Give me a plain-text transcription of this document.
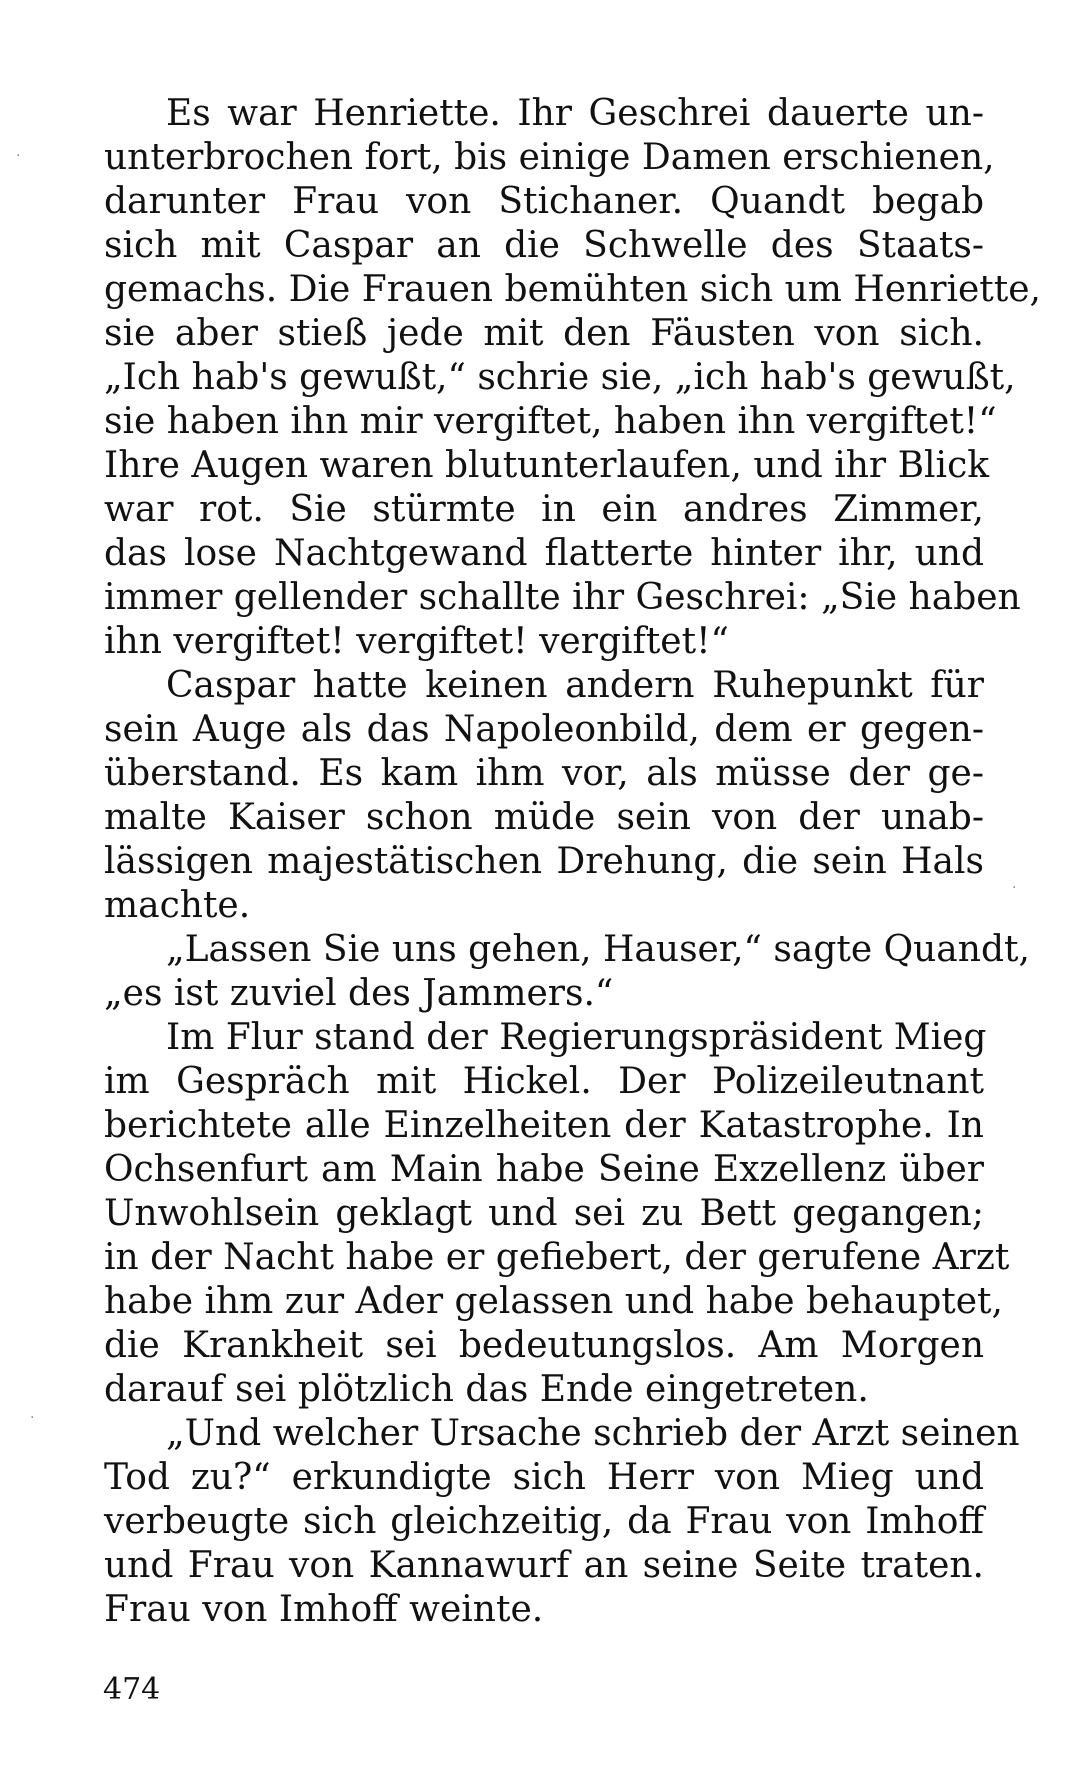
Es war Henriette. Ihr Geschrei dauerte un-
unterbrochen fort, bis einige Damen erschienen,
darunter Frau von Stichaner. Quandt begab
sich mit Caspar an die Schwelle des Staats-
gemachs. Die Frauen bemühten sich um Henriette,
sie aber stieß jede mit den Fäusten von sich.
„Ich hab's gewußt,“ schrie sie, „ich hab's gewußt,
sie haben ihn mir vergiftet, haben ihn vergiftet!“
Ihre Augen waren blutunterlaufen, und ihr Blick
war rot. Sie stürmte in ein andres Zimmer,
das lose Nachtgewand flatterte hinter ihr, und
immer gellender schallte ihr Geschrei: „Sie haben
ihn vergiftet! vergiftet! vergiftet!“
Caspar hatte keinen andern Ruhepunkt für
sein Auge als das Napoleonbild, dem er gegen-
überstand. Es kam ihm vor, als müsse der ge-
malte Kaiser schon müde sein von der unab-
lässigen majestätischen Drehung, die sein Hals
machte.
„Lassen Sie uns gehen, Hauser,“ sagte Quandt,
„es ist zuviel des Jammers.“
Im Flur stand der Regierungspräsident Mieg
im Gespräch mit Hickel. Der Polizeileutnant
berichtete alle Einzelheiten der Katastrophe. In
Ochsenfurt am Main habe Seine Exzellenz über
Unwohlsein geklagt und sei zu Bett gegangen;
in der Nacht habe er gefiebert, der gerufene Arzt
habe ihm zur Ader gelassen und habe behauptet,
die Krankheit sei bedeutungslos. Am Morgen
darauf sei plötzlich das Ende eingetreten.
„Und welcher Ursache schrieb der Arzt seinen
Tod zu?“ erkundigte sich Herr von Mieg und
verbeugte sich gleichzeitig, da Frau von Imhoff
und Frau von Kannawurf an seine Seite traten.
Frau von Imhoff weinte.
474
·
·
·
